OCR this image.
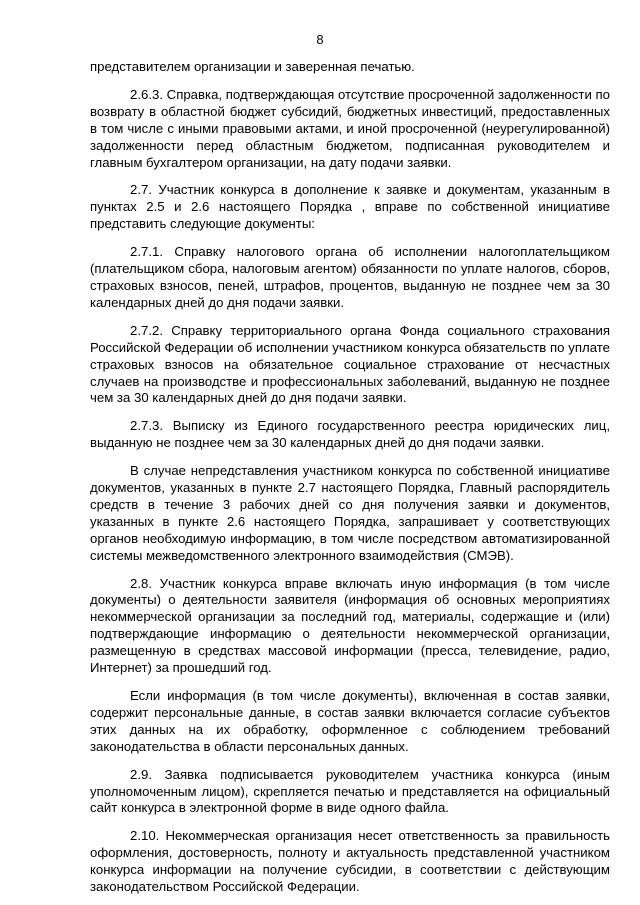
8

представителем организации и заверенная печатью.

2.6.3. Справка, подтверждающая отсутствие просроченной задолженности по возврату в областной бюджет субсидий, бюджетных инвестиций, предоставленных в том числе с иными правовыми актами, и иной просроченной (неурегулированной) задолженности перед областным бюджетом, подписанная руководителем и главным бухгалтером организации, на дату подачи заявки.

2.7. Участник конкурса в дополнение к заявке и документам, указанным в пунктах 2.5 и 2.6 настоящего Порядка , вправе по собственной инициативе представить следующие документы:

2.7.1. Справку налогового органа об исполнении налогоплательщиком (плательщиком сбора, налоговым агентом) обязанности по уплате налогов, сборов, страховых взносов, пеней, штрафов, процентов, выданную не позднее чем за 30 календарных дней до дня подачи заявки.

2.7.2. Справку территориального органа Фонда социального страхования Российской Федерации об исполнении участником конкурса обязательств по уплате страховых взносов на обязательное социальное страхование от несчастных случаев на производстве и профессиональных заболеваний, выданную не позднее чем за 30 календарных дней до дня подачи заявки.

2.7.3. Выписку из Единого государственного реестра юридических лиц, выданную не позднее чем за 30 календарных дней до дня подачи заявки.

В случае непредставления участником конкурса по собственной инициативе документов, указанных в пункте 2.7 настоящего Порядка, Главный распорядитель средств в течение 3 рабочих дней со дня получения заявки и документов, указанных в пункте 2.6 настоящего Порядка, запрашивает у соответствующих органов необходимую информацию, в том числе посредством автоматизированной системы межведомственного электронного взаимодействия (СМЭВ).

2.8. Участник конкурса вправе включать иную информация (в том числе документы) о деятельности заявителя (информация об основных мероприятиях некоммерческой организации за последний год, материалы, содержащие и (или) подтверждающие информацию о деятельности некоммерческой организации, размещенную в средствах массовой информации (пресса, телевидение, радио, Интернет) за прошедший год.

Если информация (в том числе документы), включенная в состав заявки, содержит персональные данные, в состав заявки включается согласие субъектов этих данных на их обработку, оформленное с соблюдением требований законодательства в области персональных данных.

2.9. Заявка подписывается руководителем участника конкурса (иным уполномоченным лицом), скрепляется печатью и представляется на официальный сайт конкурса в электронной форме в виде одного файла.

2.10. Некоммерческая организация несет ответственность за правильность оформления, достоверность, полноту и актуальность представленной участником конкурса информации на получение субсидии, в соответствии с действующим законодательством Российской Федерации.
